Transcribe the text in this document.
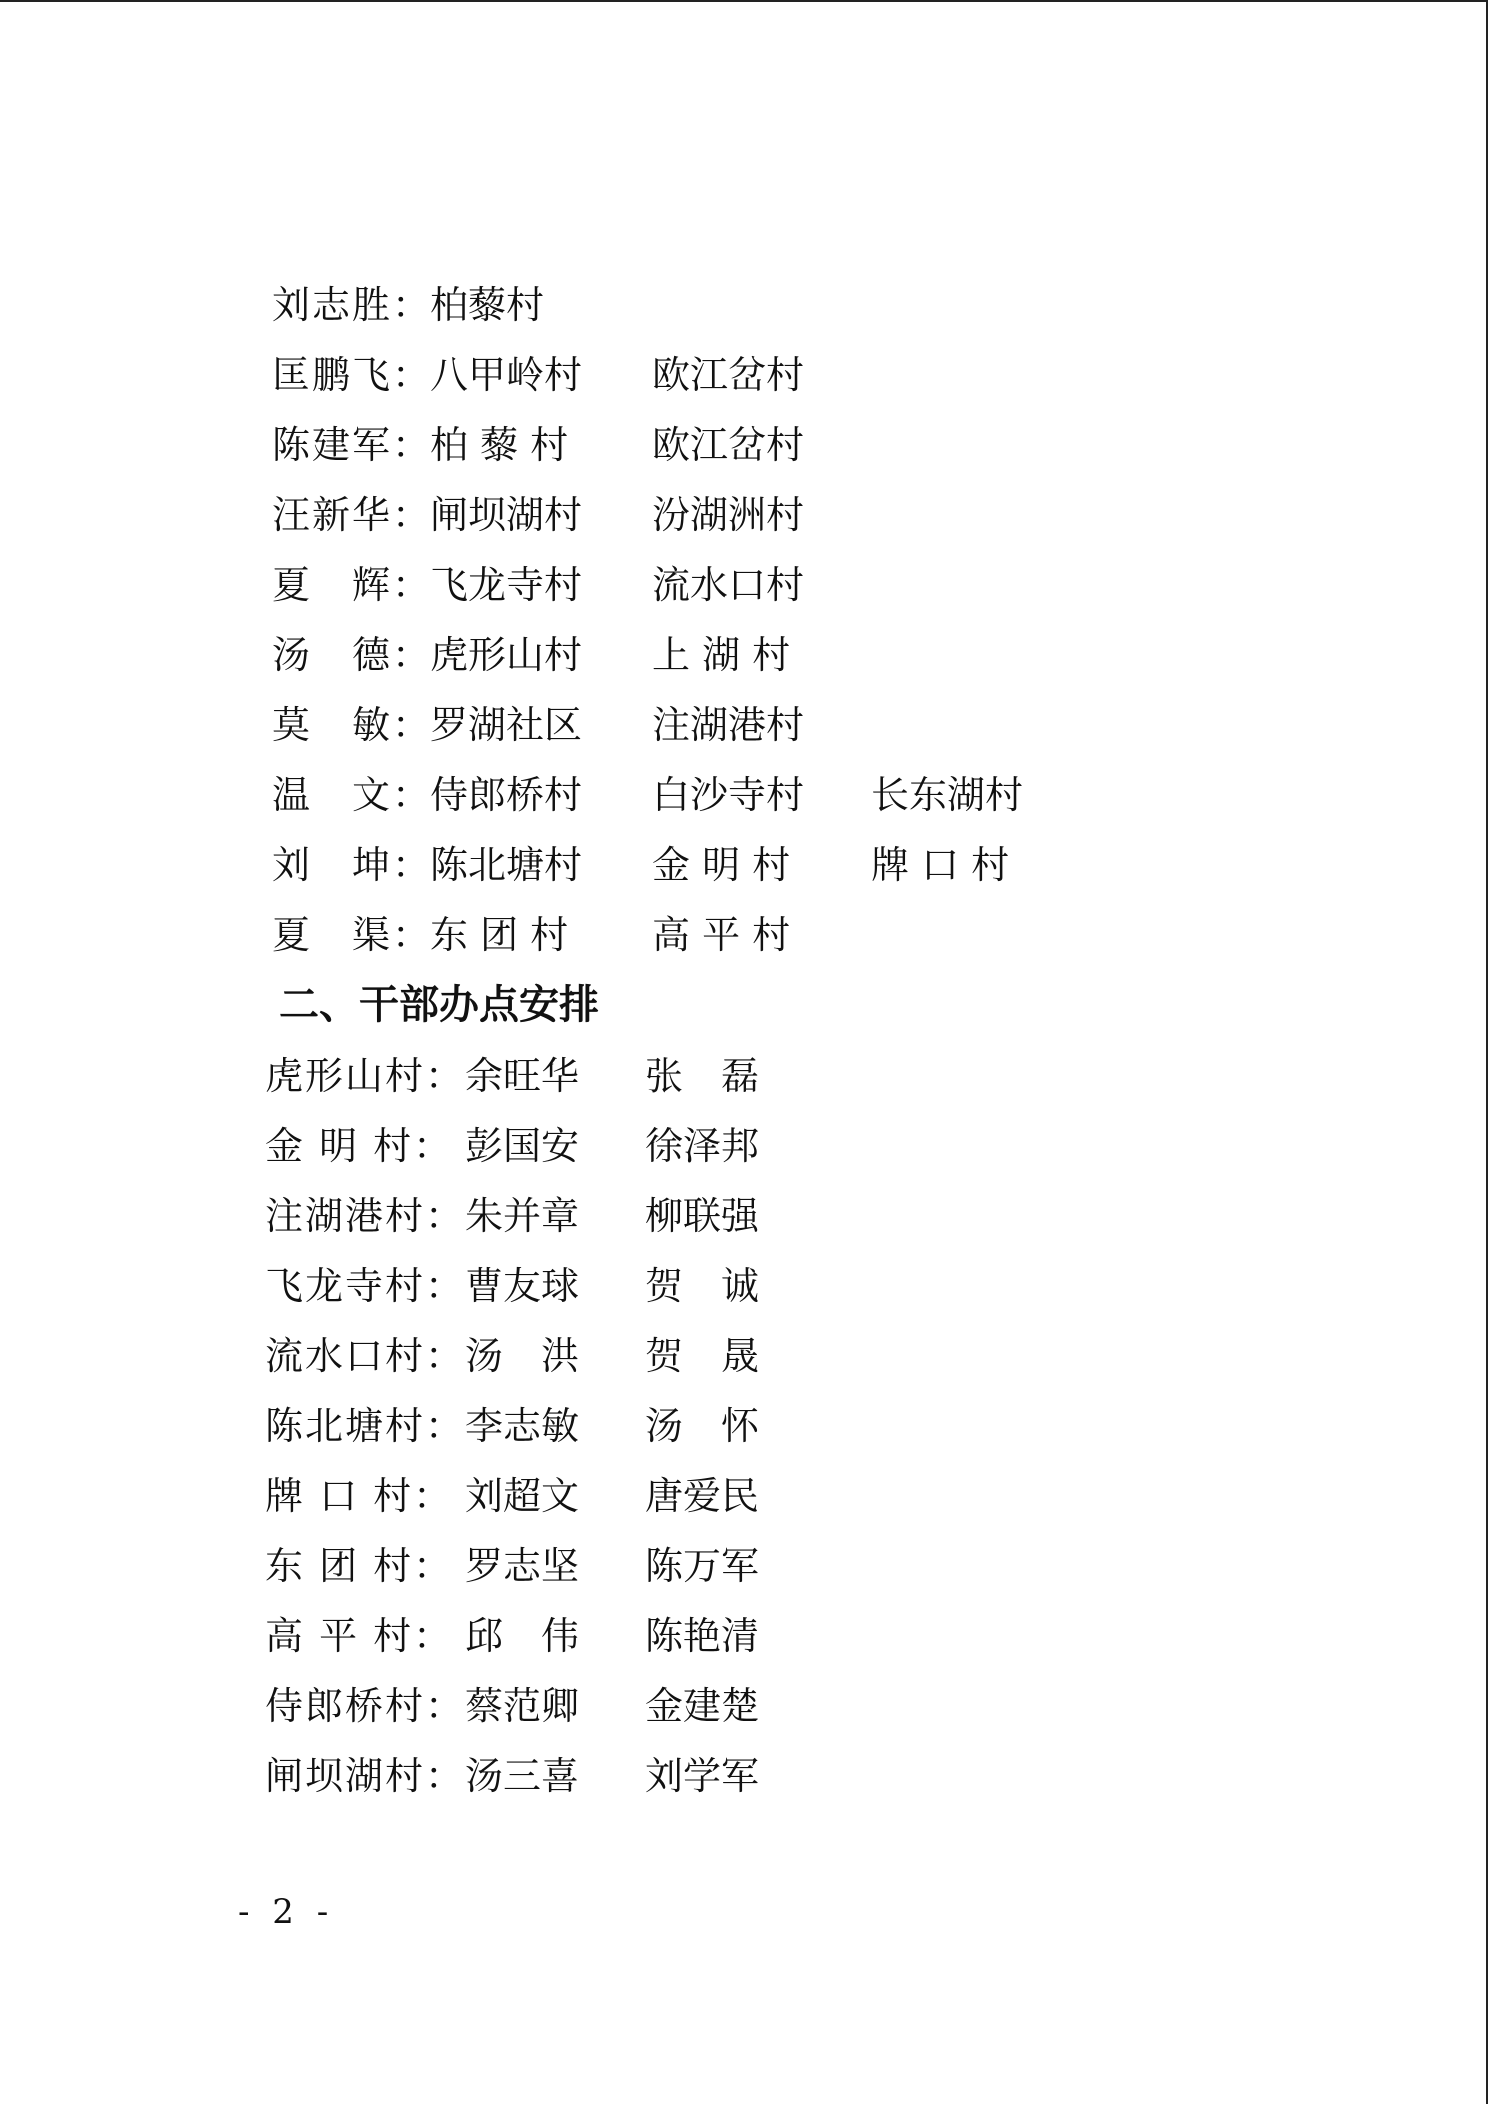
刘志胜：
柏藜村
匡鹏飞：
八甲岭村 欧江岔村
陈建军：
柏 藜 村 欧江岔村
汪新华：
闸坝湖村 汾湖洲村
夏　辉：
飞龙寺村 流水口村
汤　德：
虎形山村 上 湖 村
莫　敏：
罗湖社区 注湖港村
温　文：
侍郎桥村 白沙寺村 长东湖村
刘　坤：
陈北塘村 金 明 村 牌 口 村
夏　渠：
东 团 村 高 平 村
二、干部办点安排
虎形山村： 余旺华 张　磊
金 明 村： 彭国安 徐泽邦
注湖港村： 朱并章 柳联强
飞龙寺村： 曹友球 贺　诚
流水口村： 汤　洪 贺　晟
陈北塘村： 李志敏 汤　怀
牌 口 村： 刘超文 唐爱民
东 团 村： 罗志坚 陈万军
高 平 村： 邱　伟 陈艳清
侍郎桥村： 蔡范卿 金建楚
闸坝湖村： 汤三喜 刘学军
- 2 -
